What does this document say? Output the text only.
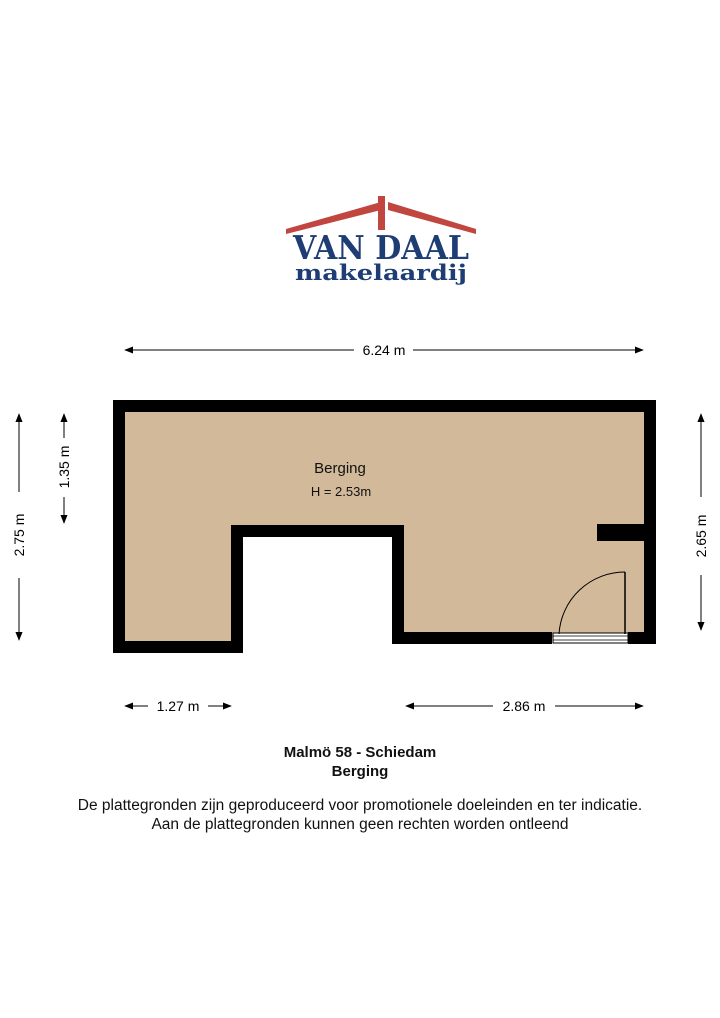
VAN DAAL
makelaardij
Berging
H = 2.53m
6.24 m
2.75 m
1.35 m
2.65 m
1.27 m	2.86 m
Malmö 58 - Schiedam
Berging
De plattegronden zijn geproduceerd voor promotionele doeleinden en ter indicatie.
Aan de plattegronden kunnen geen rechten worden ontleend
